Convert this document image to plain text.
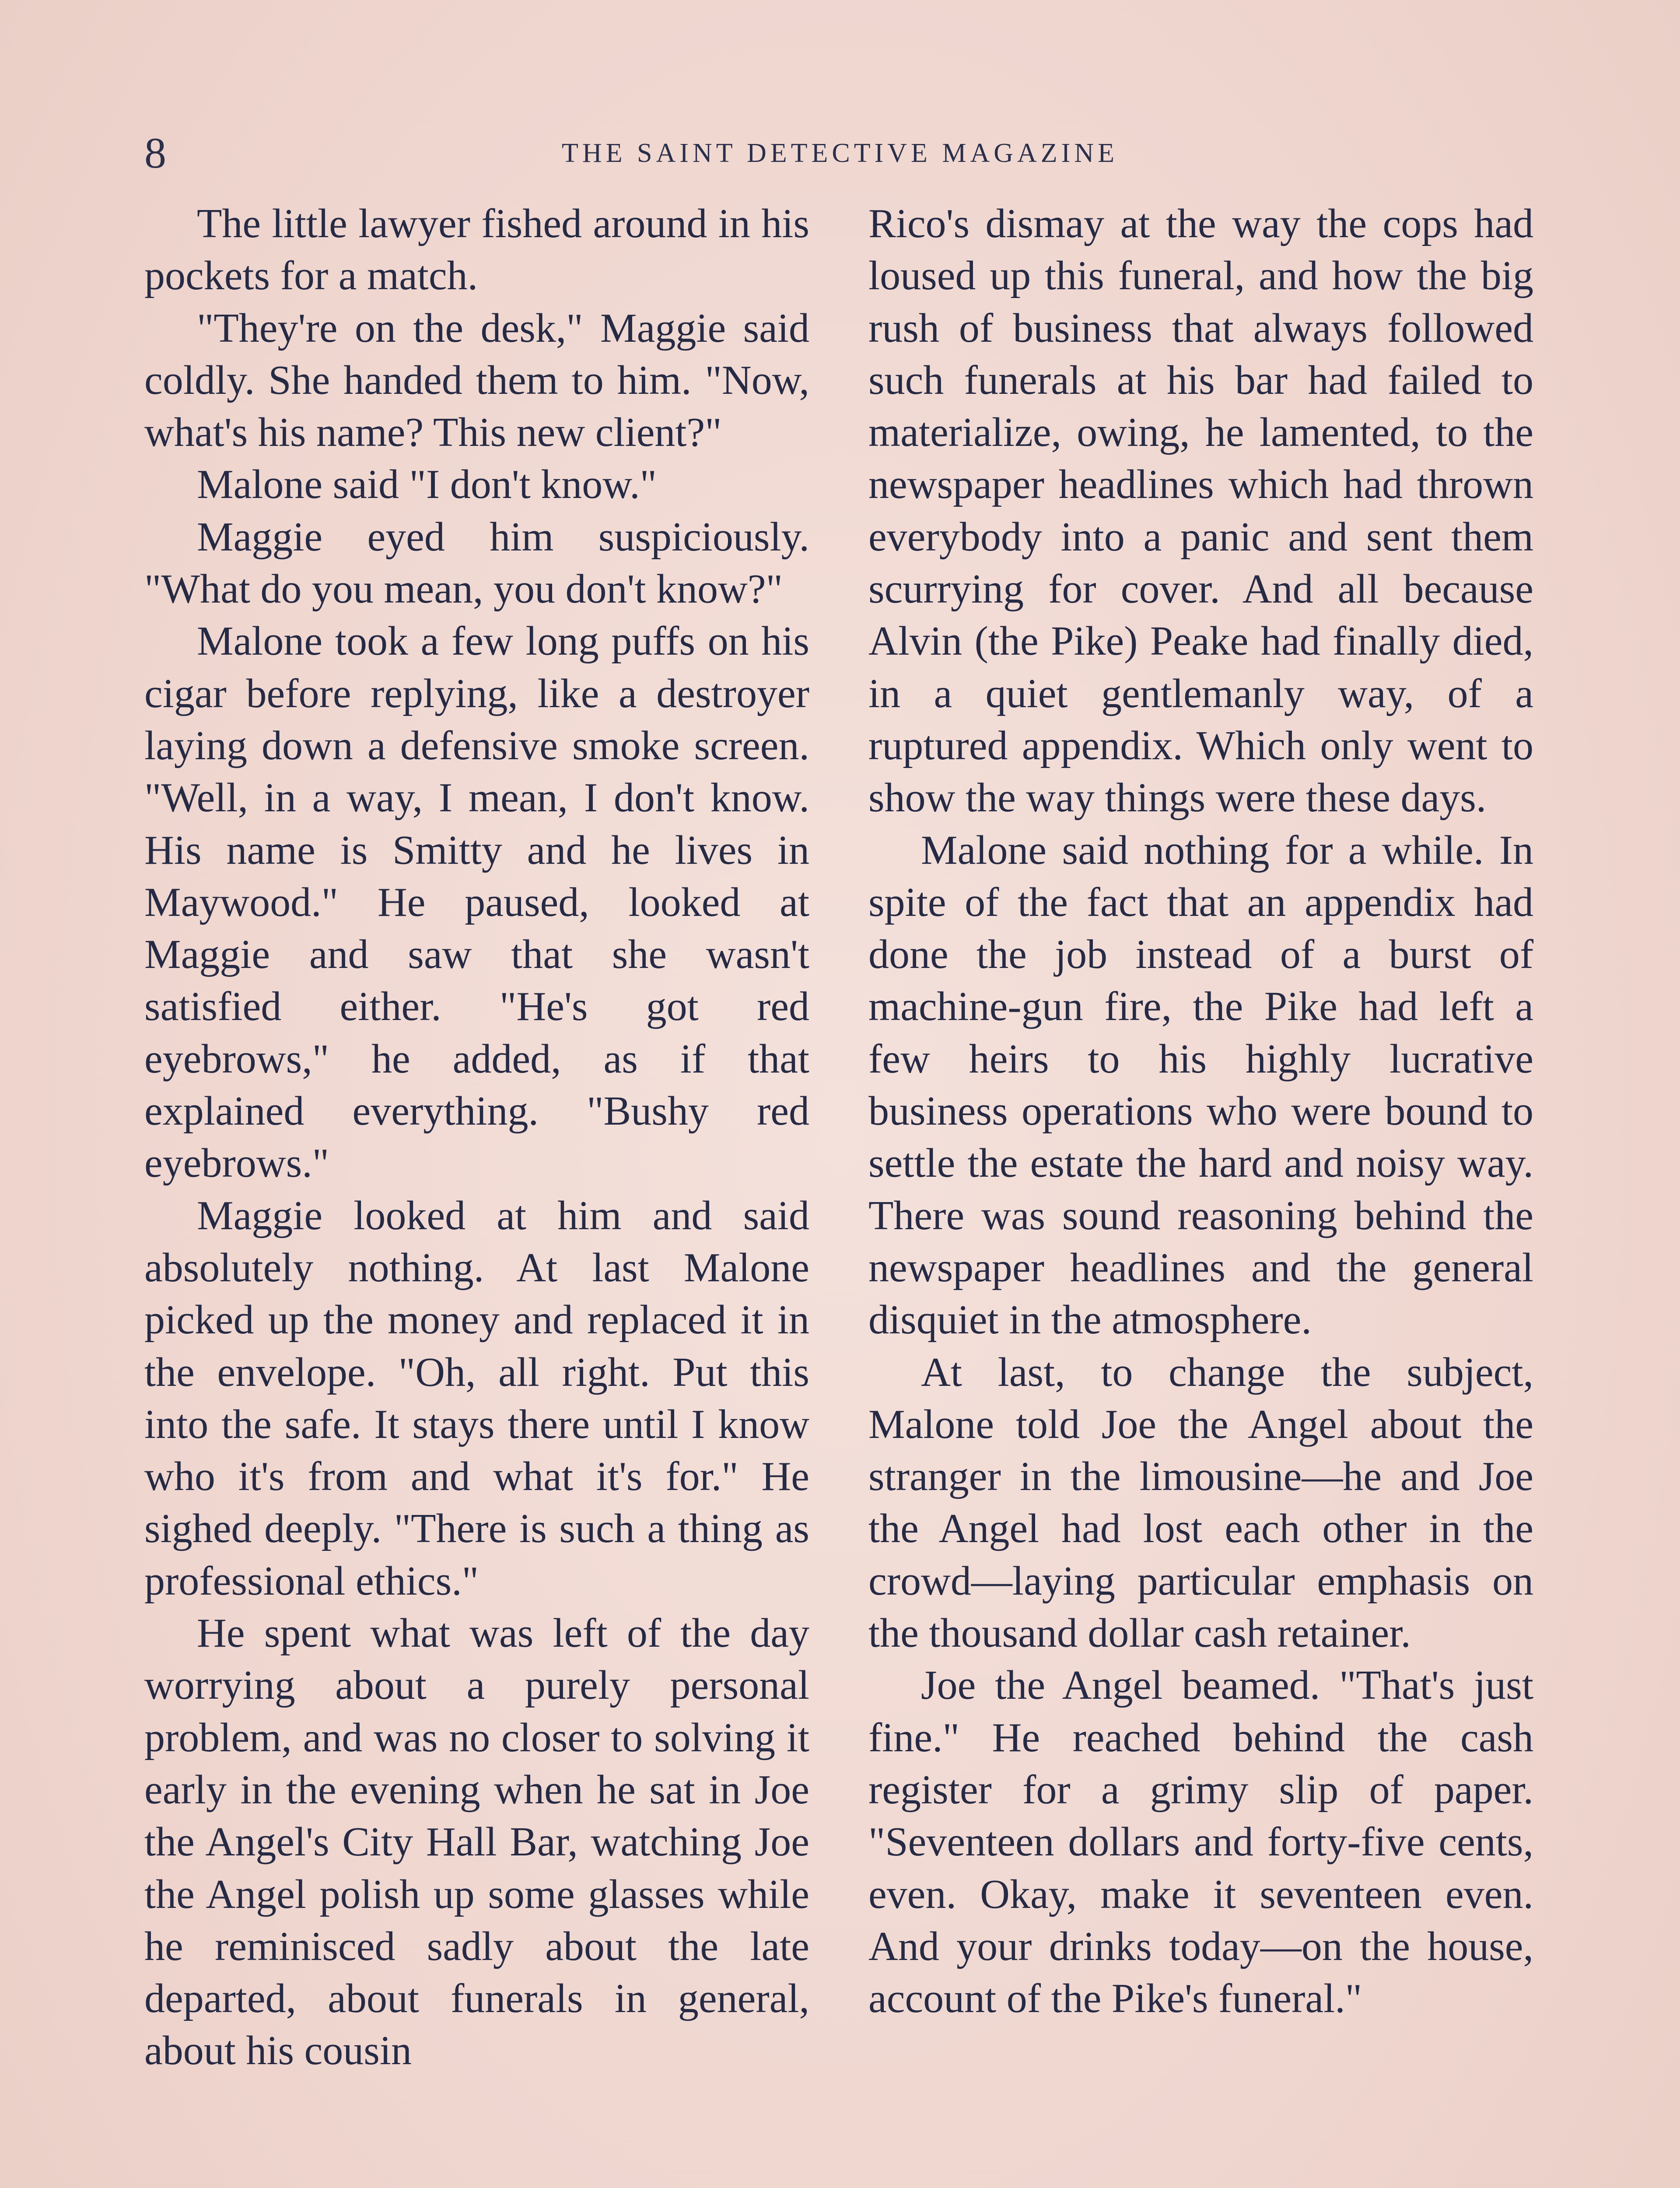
8	THE SAINT DETECTIVE MAGAZINE

The little lawyer fished around in his pockets for a match.

"They're on the desk," Maggie said coldly. She handed them to him. "Now, what's his name? This new client?"

Malone said "I don't know."

Maggie eyed him suspiciously. "What do you mean, you don't know?"

Malone took a few long puffs on his cigar before replying, like a destroyer laying down a defensive smoke screen. "Well, in a way, I mean, I don't know. His name is Smitty and he lives in Maywood." He paused, looked at Maggie and saw that she wasn't satisfied either. "He's got red eyebrows," he added, as if that explained everything. "Bushy red eyebrows."

Maggie looked at him and said absolutely nothing. At last Malone picked up the money and replaced it in the envelope. "Oh, all right. Put this into the safe. It stays there until I know who it's from and what it's for." He sighed deeply. "There is such a thing as professional ethics."

He spent what was left of the day worrying about a purely personal problem, and was no closer to solving it early in the evening when he sat in Joe the Angel's City Hall Bar, watching Joe the Angel polish up some glasses while he reminisced sadly about the late departed, about funerals in general, about his cousin

Rico's dismay at the way the cops had loused up this funeral, and how the big rush of business that always followed such funerals at his bar had failed to materialize, owing, he lamented, to the newspaper headlines which had thrown everybody into a panic and sent them scurrying for cover. And all because Alvin (the Pike) Peake had finally died, in a quiet gentlemanly way, of a ruptured appendix. Which only went to show the way things were these days.

Malone said nothing for a while. In spite of the fact that an appendix had done the job instead of a burst of machine-gun fire, the Pike had left a few heirs to his highly lucrative business operations who were bound to settle the estate the hard and noisy way. There was sound reasoning behind the newspaper headlines and the general disquiet in the atmosphere.

At last, to change the subject, Malone told Joe the Angel about the stranger in the limousine—he and Joe the Angel had lost each other in the crowd—laying particular emphasis on the thousand dollar cash retainer.

Joe the Angel beamed. "That's just fine." He reached behind the cash register for a grimy slip of paper. "Seventeen dollars and forty-five cents, even. Okay, make it seventeen even. And your drinks today—on the house, account of the Pike's funeral."
